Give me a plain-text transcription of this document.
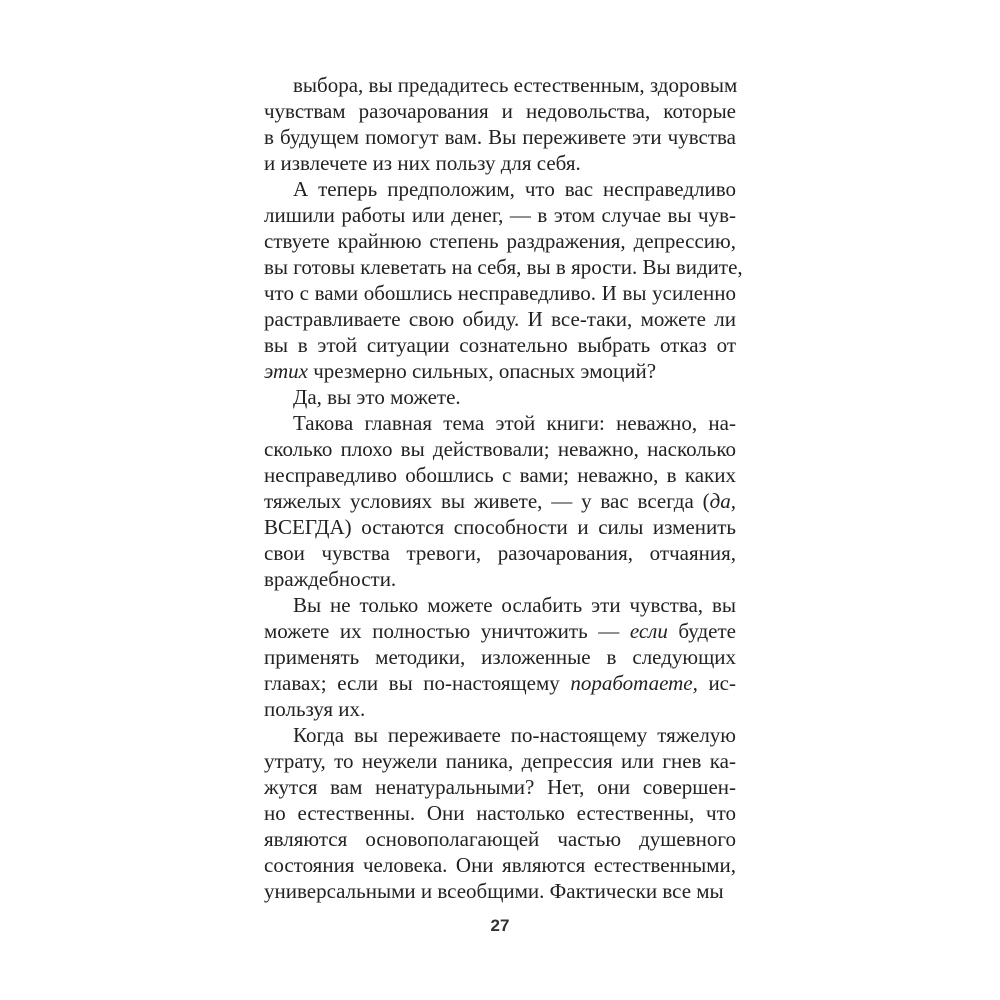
выбора, вы предадитесь естественным, здоровым
чувствам разочарования и недовольства, которые
в будущем помогут вам. Вы переживете эти чувства
и извлечете из них пользу для себя.
А теперь предположим, что вас несправедливо
лишили работы или денег, — в этом случае вы чув-
ствуете крайнюю степень раздражения, депрессию,
вы готовы клеветать на себя, вы в ярости. Вы видите,
что с вами обошлись несправедливо. И вы усиленно
растравливаете свою обиду. И все-таки, можете ли
вы в этой ситуации сознательно выбрать отказ от
этих чрезмерно сильных, опасных эмоций?
Да, вы это можете.
Такова главная тема этой книги: неважно, на-
сколько плохо вы действовали; неважно, насколько
несправедливо обошлись с вами; неважно, в каких
тяжелых условиях вы живете, — у вас всегда (да,
ВСЕГДА) остаются способности и силы изменить
свои чувства тревоги, разочарования, отчаяния,
враждебности.
Вы не только можете ослабить эти чувства, вы
можете их полностью уничтожить — если будете
применять методики, изложенные в следующих
главах; если вы по-настоящему поработаете, ис-
пользуя их.
Когда вы переживаете по-настоящему тяжелую
утрату, то неужели паника, депрессия или гнев ка-
жутся вам ненатуральными? Нет, они совершен-
но естественны. Они настолько естественны, что
являются основополагающей частью душевного
состояния человека. Они являются естественными,
универсальными и всеобщими. Фактически все мы
27
